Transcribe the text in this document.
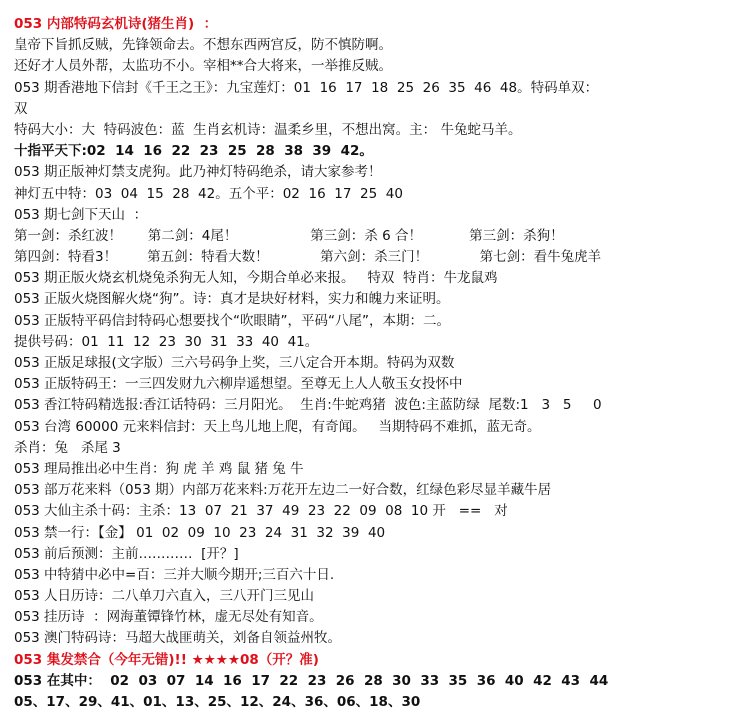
053 内部特码玄机诗(猪生肖)  ：
皇帝下旨抓反贼，先锋领命去。不想东西两宫反，防不慎防啊。
还好才人员外帮，太监功不小。宰相**合大将来，一举推反贼。
053 期香港地下信封《千王之王》：九宝莲灯：01  16  17  18  25  26  35  46  48。特码单双：
双
特码大小：大  特码波色：蓝  生肖玄机诗：温柔乡里，不想出窝。主： 牛兔蛇马羊。
十指平天下:02  14  16  22  23  25  28  38  39  42。
053 期正版神灯禁支虎狗。此乃神灯特码绝杀，请大家参考！
神灯五中特：03  04  15  28  42。五个平：02  16  17  25  40
053 期七剑下天山  ：
第一剑：杀红波！      第二剑：4尾！                 第三剑：杀 6 合！           第三剑：杀狗！
第四剑：特看3！       第五剑：特看大数！            第六剑：杀三门！            第七剑：看牛兔虎羊
053 期正版火烧玄机烧兔杀狗无人知，今期合单必来报。   特双  特肖：牛龙鼠鸡
053 正版火烧图解火烧“狗”。诗：真才是块好材料，实力和魄力来证明。
053 正版特平码信封特码心想要找个“吹眼睛”，平码“八尾”，本期：二。
提供号码：01  11  12  23  30  31  33  40  41。
053 正版足球报(文字版）三六号码争上奖，三八定合开本期。特码为双数
053 正版特码王：一三四发财九六柳岸遥想望。至尊无上人人敬玉女投怀中
053 香江特码精选报:香江话特码：三月阳光。  生肖:牛蛇鸡猪  波色:主蓝防绿  尾数:1   3   5     0
053 台湾 60000 元来料信封：天上鸟儿地上爬，有奇闻。   当期特码不难抓，蓝无奇。
杀肖：兔   杀尾 3
053 理局推出必中生肖：狗 虎 羊 鸡 鼠 猪 兔 牛
053 部万花来料（053 期）内部万花来料:万花开左边二一好合数，红绿色彩尽显羊藏牛居
053 大仙主杀十码：主杀：13  07  21  37  49  23  22  09  08  10 开   ==   对
053 禁一行：【金】 01  02  09  10  23  24  31  32  39  40
053 前后预测：主前…………  [开？]
053 中特猜中必中=百：三并大顺今期开;三百六十日.
053 人日历诗：二八单刀六直入，三八开门三见山
053 挂历诗  ：网海董镡锋竹林，虚无尽处有知音。
053 澳门特码诗：马超大战匪萌关，刘备自领益州牧。
053 集发禁合（今年无错)!! ★★★★08（开？准)
053 在其中：  02  03  07  14  16  17  22  23  26  28  30  33  35  36  40  42  43  44
05、17、29、41、01、13、25、12、24、36、06、18、30
